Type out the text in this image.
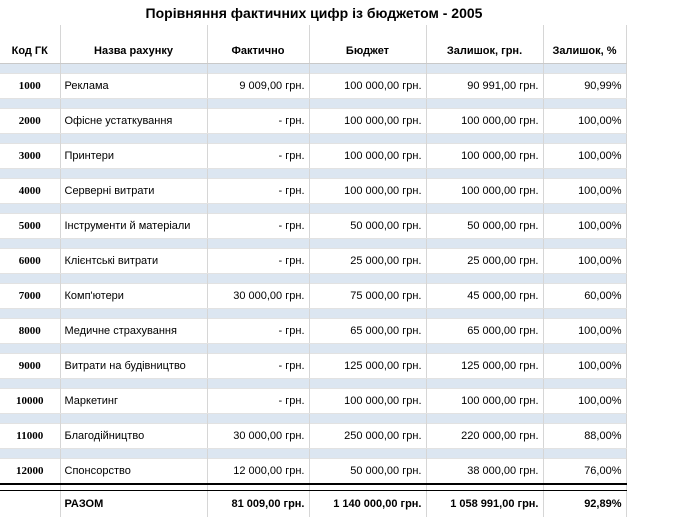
Порівняння фактичних цифр із бюджетом - 2005

Код ГК	Назва рахунку	Фактично	Бюджет	Залишок, грн.	Залишок, %

1000	Реклама	9 009,00 грн.	100 000,00 грн.	90 991,00 грн.	90,99%

2000	Офісне устаткування	- грн.	100 000,00 грн.	100 000,00 грн.	100,00%

3000	Принтери	- грн.	100 000,00 грн.	100 000,00 грн.	100,00%

4000	Серверні витрати	- грн.	100 000,00 грн.	100 000,00 грн.	100,00%

5000	Інструменти й матеріали	- грн.	50 000,00 грн.	50 000,00 грн.	100,00%

6000	Клієнтські витрати	- грн.	25 000,00 грн.	25 000,00 грн.	100,00%

7000	Комп'ютери	30 000,00 грн.	75 000,00 грн.	45 000,00 грн.	60,00%

8000	Медичне страхування	- грн.	65 000,00 грн.	65 000,00 грн.	100,00%

9000	Витрати на будівництво	- грн.	125 000,00 грн.	125 000,00 грн.	100,00%

10000	Маркетинг	- грн.	100 000,00 грн.	100 000,00 грн.	100,00%

11000	Благодійництво	30 000,00 грн.	250 000,00 грн.	220 000,00 грн.	88,00%

12000	Спонсорство	12 000,00 грн.	50 000,00 грн.	38 000,00 грн.	76,00%

	РАЗОМ	81 009,00 грн.	1 140 000,00 грн.	1 058 991,00 грн.	92,89%
